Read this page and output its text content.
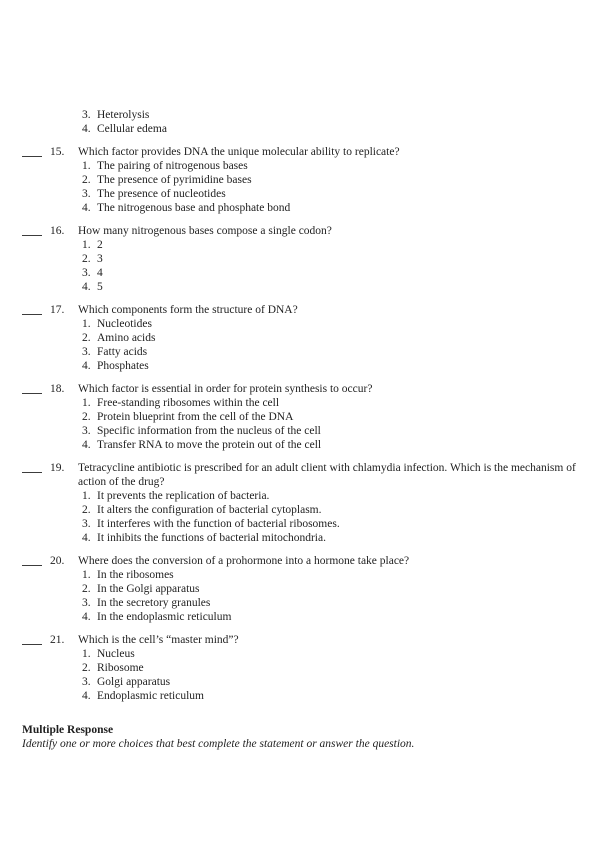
3. Heterolysis
4. Cellular edema
15.	Which factor provides DNA the unique molecular ability to replicate?
1. The pairing of nitrogenous bases
2. The presence of pyrimidine bases
3. The presence of nucleotides
4. The nitrogenous base and phosphate bond
16.	How many nitrogenous bases compose a single codon?
1. 2
2. 3
3. 4
4. 5
17.	Which components form the structure of DNA?
1. Nucleotides
2. Amino acids
3. Fatty acids
4. Phosphates
18.	Which factor is essential in order for protein synthesis to occur?
1. Free-standing ribosomes within the cell
2. Protein blueprint from the cell of the DNA
3. Specific information from the nucleus of the cell
4. Transfer RNA to move the protein out of the cell
19.	Tetracycline antibiotic is prescribed for an adult client with chlamydia infection. Which is the mechanism of action of the drug?
1. It prevents the replication of bacteria.
2. It alters the configuration of bacterial cytoplasm.
3. It interferes with the function of bacterial ribosomes.
4. It inhibits the functions of bacterial mitochondria.
20.	Where does the conversion of a prohormone into a hormone take place?
1. In the ribosomes
2. In the Golgi apparatus
3. In the secretory granules
4. In the endoplasmic reticulum
21.	Which is the cell’s “master mind”?
1. Nucleus
2. Ribosome
3. Golgi apparatus
4. Endoplasmic reticulum
Multiple Response
Identify one or more choices that best complete the statement or answer the question.
